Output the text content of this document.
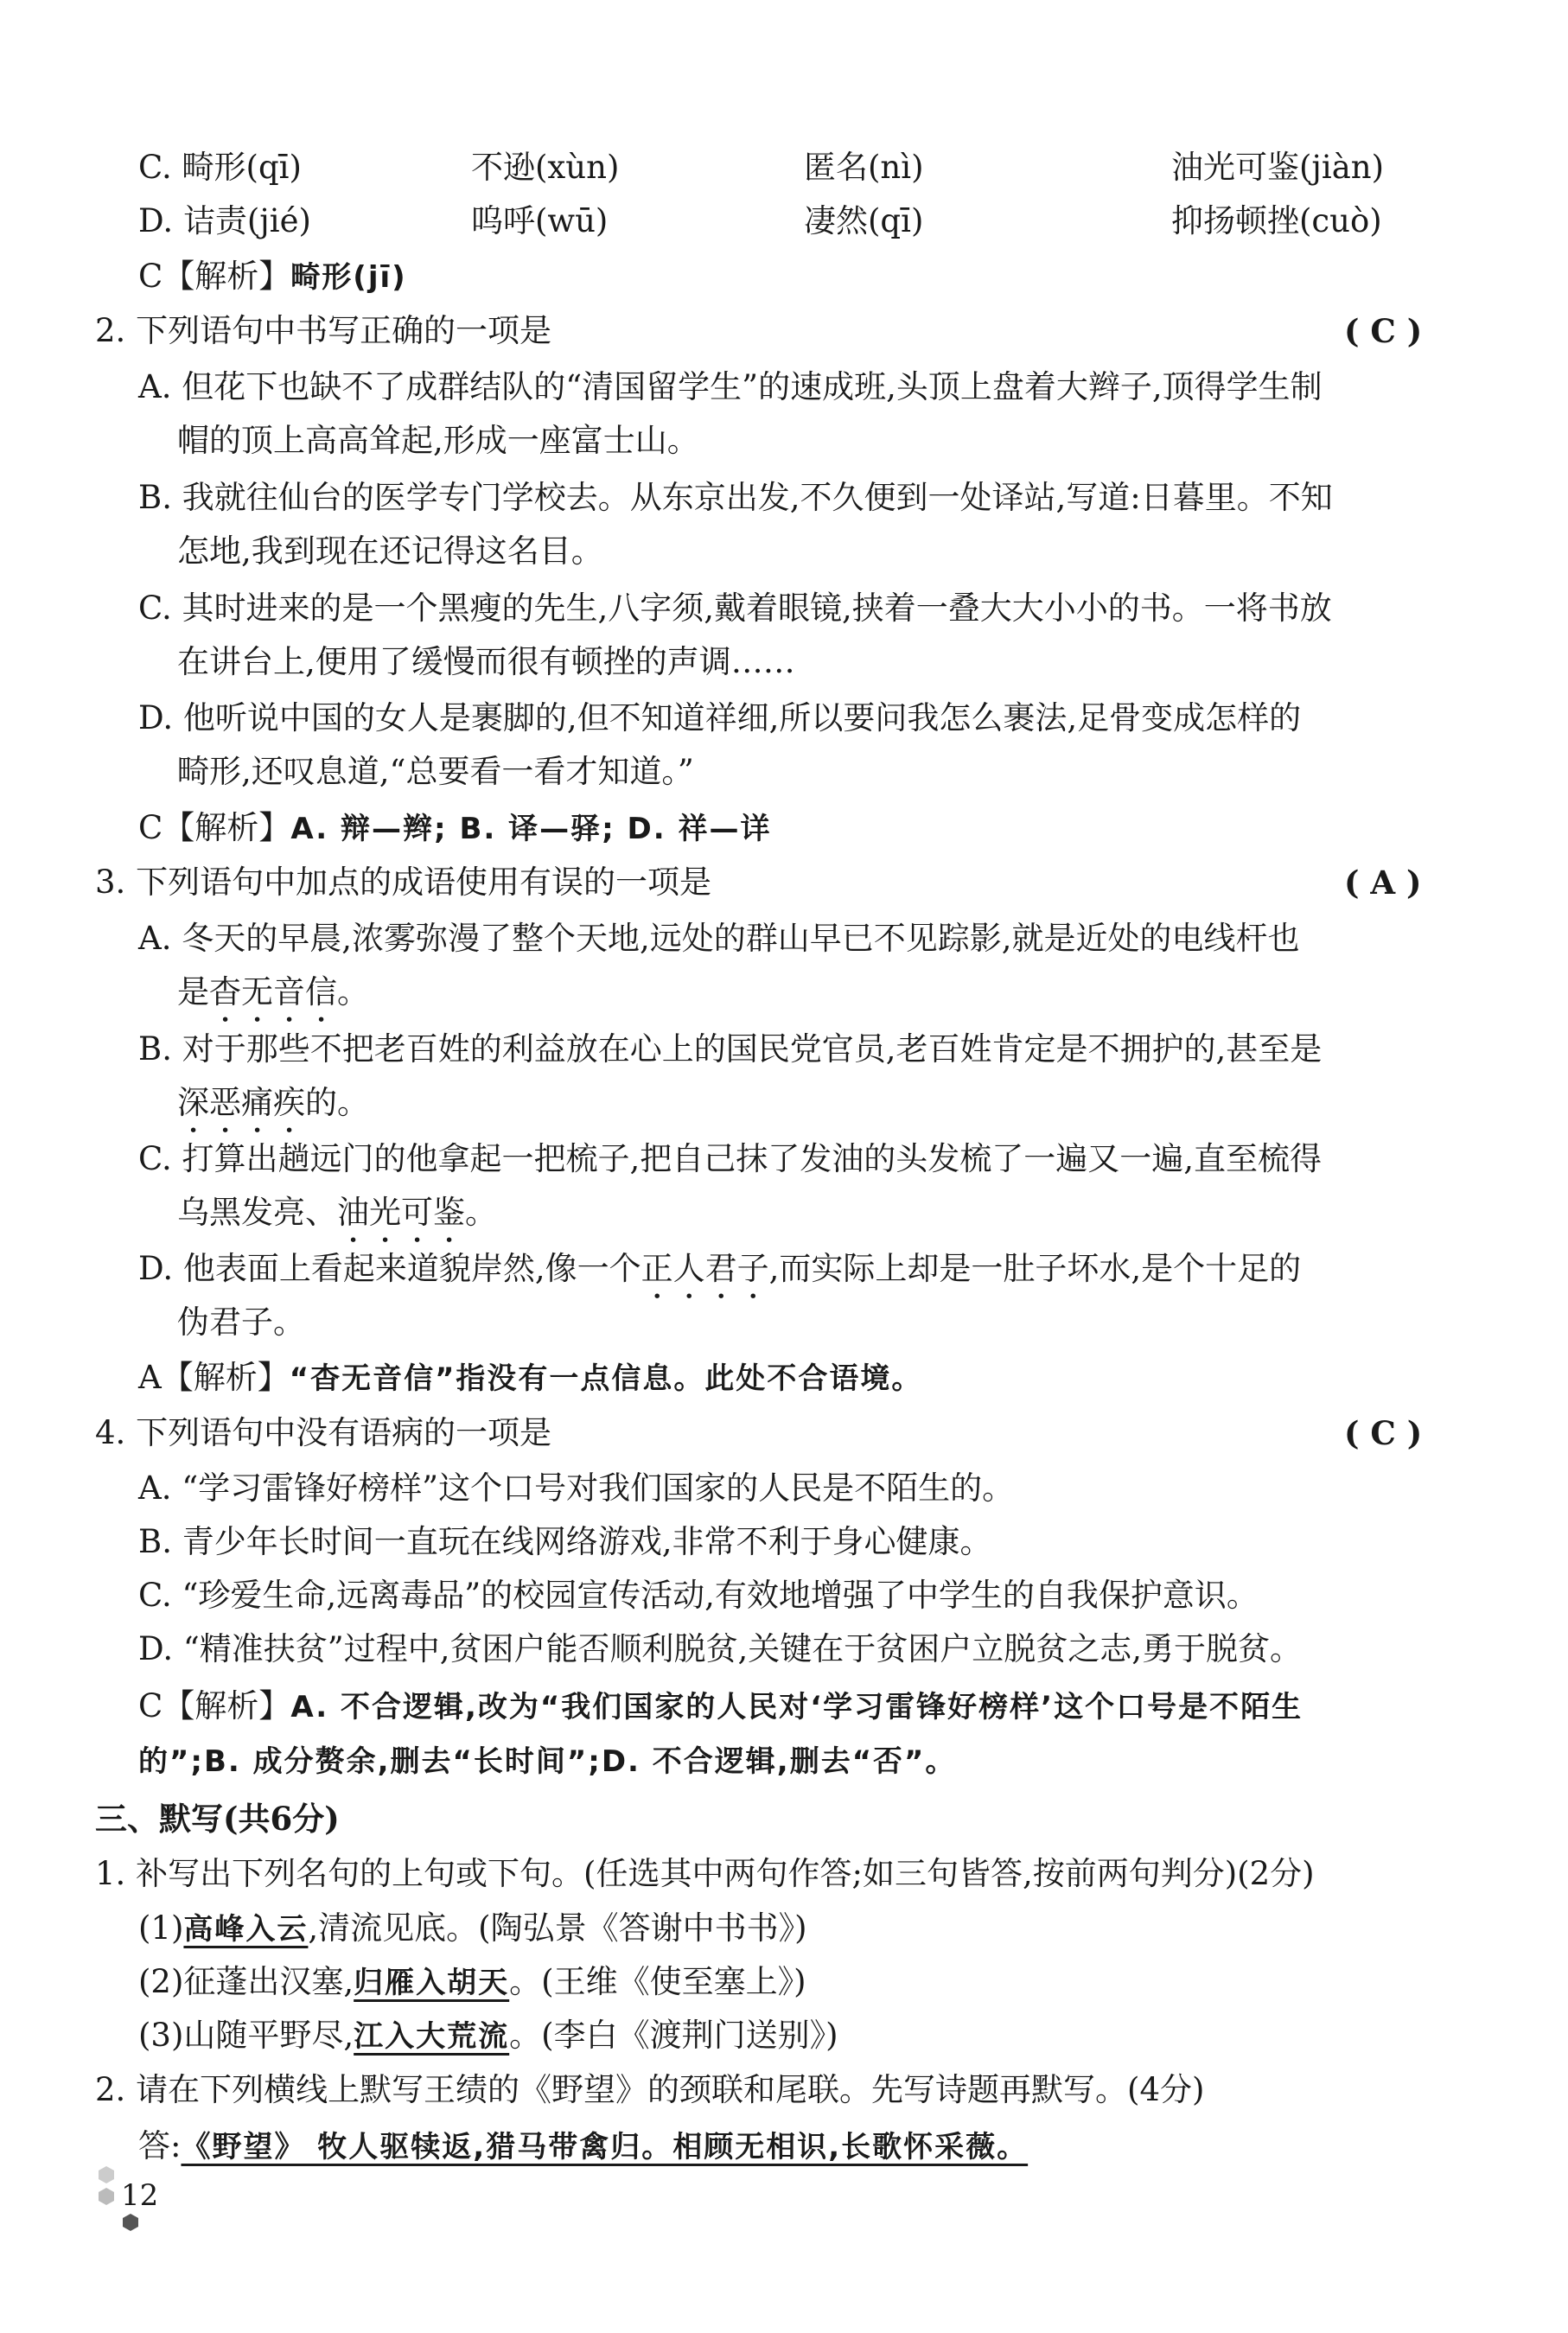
C. 畸形(qī)	不逊(xùn)	匿名(nì)	油光可鉴(jiàn)
D. 诘责(jié)	呜呼(wū)	凄然(qī)	抑扬顿挫(cuò)
C【解析】畸形(jī)
2. 下列语句中书写正确的一项是	( C )
A. 但花下也缺不了成群结队的“清国留学生”的速成班,头顶上盘着大辫子,顶得学生制
帽的顶上高高耸起,形成一座富士山。
B. 我就往仙台的医学专门学校去。从东京出发,不久便到一处译站,写道:日暮里。不知
怎地,我到现在还记得这名目。
C. 其时进来的是一个黑瘦的先生,八字须,戴着眼镜,挟着一叠大大小小的书。一将书放
在讲台上,便用了缓慢而很有顿挫的声调……
D. 他听说中国的女人是裹脚的,但不知道祥细,所以要问我怎么裹法,足骨变成怎样的
畸形,还叹息道,“总要看一看才知道。”
C【解析】A. 辩—辫; B. 译—驿; D. 祥—详
3. 下列语句中加点的成语使用有误的一项是	( A )
A. 冬天的早晨,浓雾弥漫了整个天地,远处的群山早已不见踪影,就是近处的电线杆也
是杳无音信。
B. 对于那些不把老百姓的利益放在心上的国民党官员,老百姓肯定是不拥护的,甚至是
深恶痛疾的。
C. 打算出趟远门的他拿起一把梳子,把自己抹了发油的头发梳了一遍又一遍,直至梳得
乌黑发亮、油光可鉴。
D. 他表面上看起来道貌岸然,像一个正人君子,而实际上却是一肚子坏水,是个十足的
伪君子。
A【解析】“杳无音信”指没有一点信息。此处不合语境。
4. 下列语句中没有语病的一项是	( C )
A. “学习雷锋好榜样”这个口号对我们国家的人民是不陌生的。
B. 青少年长时间一直玩在线网络游戏,非常不利于身心健康。
C. “珍爱生命,远离毒品”的校园宣传活动,有效地增强了中学生的自我保护意识。
D. “精准扶贫”过程中,贫困户能否顺利脱贫,关键在于贫困户立脱贫之志,勇于脱贫。
C【解析】A. 不合逻辑,改为“我们国家的人民对‘学习雷锋好榜样’这个口号是不陌生
的”;B. 成分赘余,删去“长时间”;D. 不合逻辑,删去“否”。
三、默写(共6分)
1. 补写出下列名句的上句或下句。(任选其中两句作答;如三句皆答,按前两句判分)(2分)
(1)高峰入云,清流见底。(陶弘景《答谢中书书》)
(2)征蓬出汉塞,归雁入胡天。(王维《使至塞上》)
(3)山随平野尽,江入大荒流。(李白《渡荆门送别》)
2. 请在下列横线上默写王绩的《野望》的颈联和尾联。先写诗题再默写。(4分)
答:《野望》 牧人驱犊返,猎马带禽归。相顾无相识,长歌怀采薇。
12
